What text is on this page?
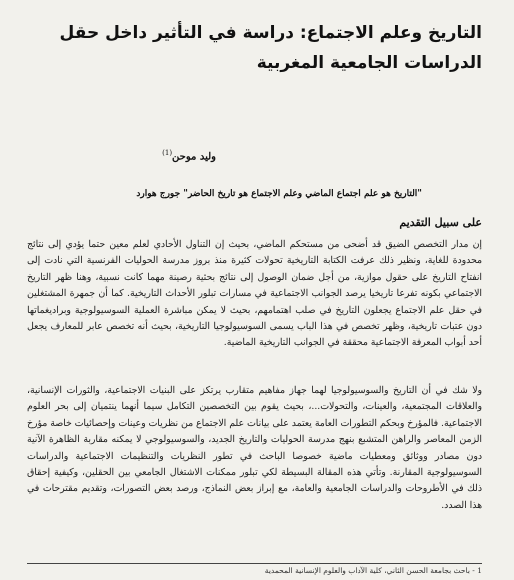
التاريخ وعلم الاجتماع: دراسة في التأثير داخل حقل الدراسات الجامعية المغربية
وليد موحن$^{(1)}$
"التاريخ هو علم اجتماع الماضي وعلم الاجتماع هو تاريخ الحاضر" جورج هوارد
على سبيل التقديم
إن مدار التخصص الضيق قد أضحى من مستحكم الماضي، بحيث إن التناول الأحادي لعلم معين حتما يؤدي إلى نتائج محدودة للغاية، ونظير ذلك عرفت الكتابة التاريخية تحولات كثيرة منذ بروز مدرسة الحوليات الفرنسية التي نادت إلى انفتاح التاريخ على حقول موازية، من أجل ضمان الوصول إلى نتائج بحثية رصينة مهما كانت نسبية، وهنا ظهر التاريخ الاجتماعي بكونه تفرعا تاريخيا يرصد الجوانب الاجتماعية في مسارات تبلور الأحداث التاريخية. كما أن جمهرة المشتغلين في حقل علم الاجتماع يجعلون التاريخ في صلب اهتمامهم، بحيث لا يمكن مباشرة العملية السوسيولوجية وبراديغماتها دون عتبات تاريخية، وظهر تخصص في هذا الباب يسمى السوسيولوجيا التاريخية، بحيث أنه تخصص عابر للمعارف يجعل أحد أبواب المعرفة الاجتماعية محققة في الجوانب التاريخية الماضية.
ولا شك في أن التاريخ والسوسيولوجيا لهما جهاز مفاهيم متقارب يرتكز على البنيات الاجتماعية، والثورات الإنسانية، والعلاقات المجتمعية، والعينات، والتحولات...، بحيث يقوم بين التخصصين التكامل سيما أنهما ينتميان إلى بحر العلوم الاجتماعية. فالمؤرخ وبحكم التطورات العامة يعتمد على بيانات علم الاجتماع من نظريات وعينات وإحصائيات خاصة مؤرخ الزمن المعاصر والراهن المتشبع بنهج مدرسة الحوليات والتاريخ الجديد، والسوسيولوجي لا يمكنه مقاربة الظاهرة الآنية دون مصادر ووثائق ومعطيات ماضية خصوصا الباحث في تطور النظريات والتنظيمات الاجتماعية والدراسات السوسيولوجية المقارنة. وتأتي هذه المقالة البسيطة لكي تبلور ممكنات الاشتغال الجامعي بين الحقلين، وكيفية إحقاق ذلك في الأطروحات والدراسات الجامعية والعامة، مع إبراز بعض النماذج، ورصد بعض التصورات، وتقديم مقترحات في هذا الصدد.
1 - باحث بجامعة الحسن الثاني، كلية الآداب والعلوم الإنسانية المحمدية
